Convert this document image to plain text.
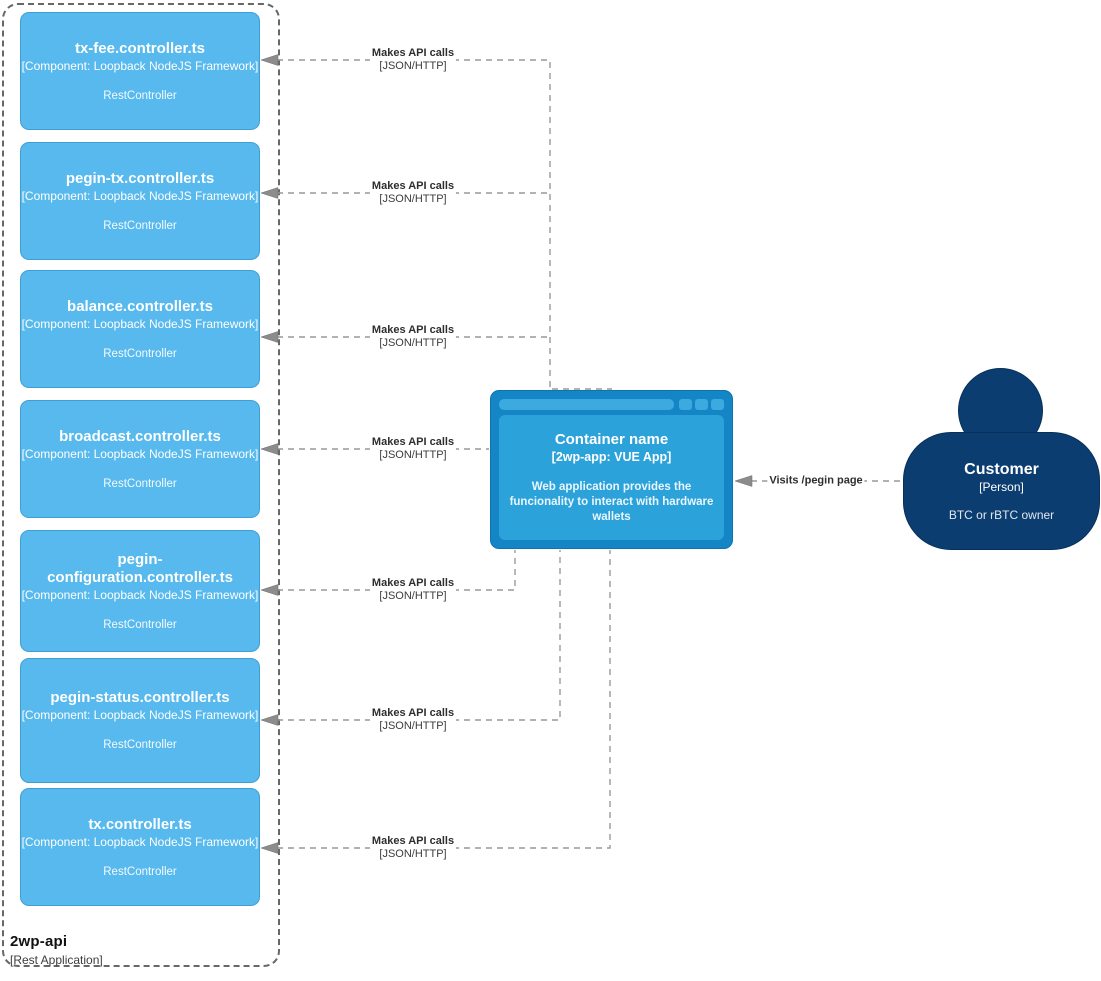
2wp-api
[Rest Application]
tx-fee.controller.ts
[Component: Loopback NodeJS Framework]
RestController
pegin-tx.controller.ts
[Component: Loopback NodeJS Framework]
RestController
balance.controller.ts
[Component: Loopback NodeJS Framework]
RestController
broadcast.controller.ts
[Component: Loopback NodeJS Framework]
RestController
pegin-configuration.controller.ts
[Component: Loopback NodeJS Framework]
RestController
pegin-status.controller.ts
[Component: Loopback NodeJS Framework]
RestController
tx.controller.ts
[Component: Loopback NodeJS Framework]
RestController
Container name
[2wp-app: VUE App]
Web application provides the funcionality to interact with hardware wallets
Customer
[Person]
BTC or rBTC owner
Makes API calls
[JSON/HTTP]
Makes API calls
[JSON/HTTP]
Makes API calls
[JSON/HTTP]
Makes API calls
[JSON/HTTP]
Makes API calls
[JSON/HTTP]
Makes API calls
[JSON/HTTP]
Makes API calls
[JSON/HTTP]
Visits /pegin page
